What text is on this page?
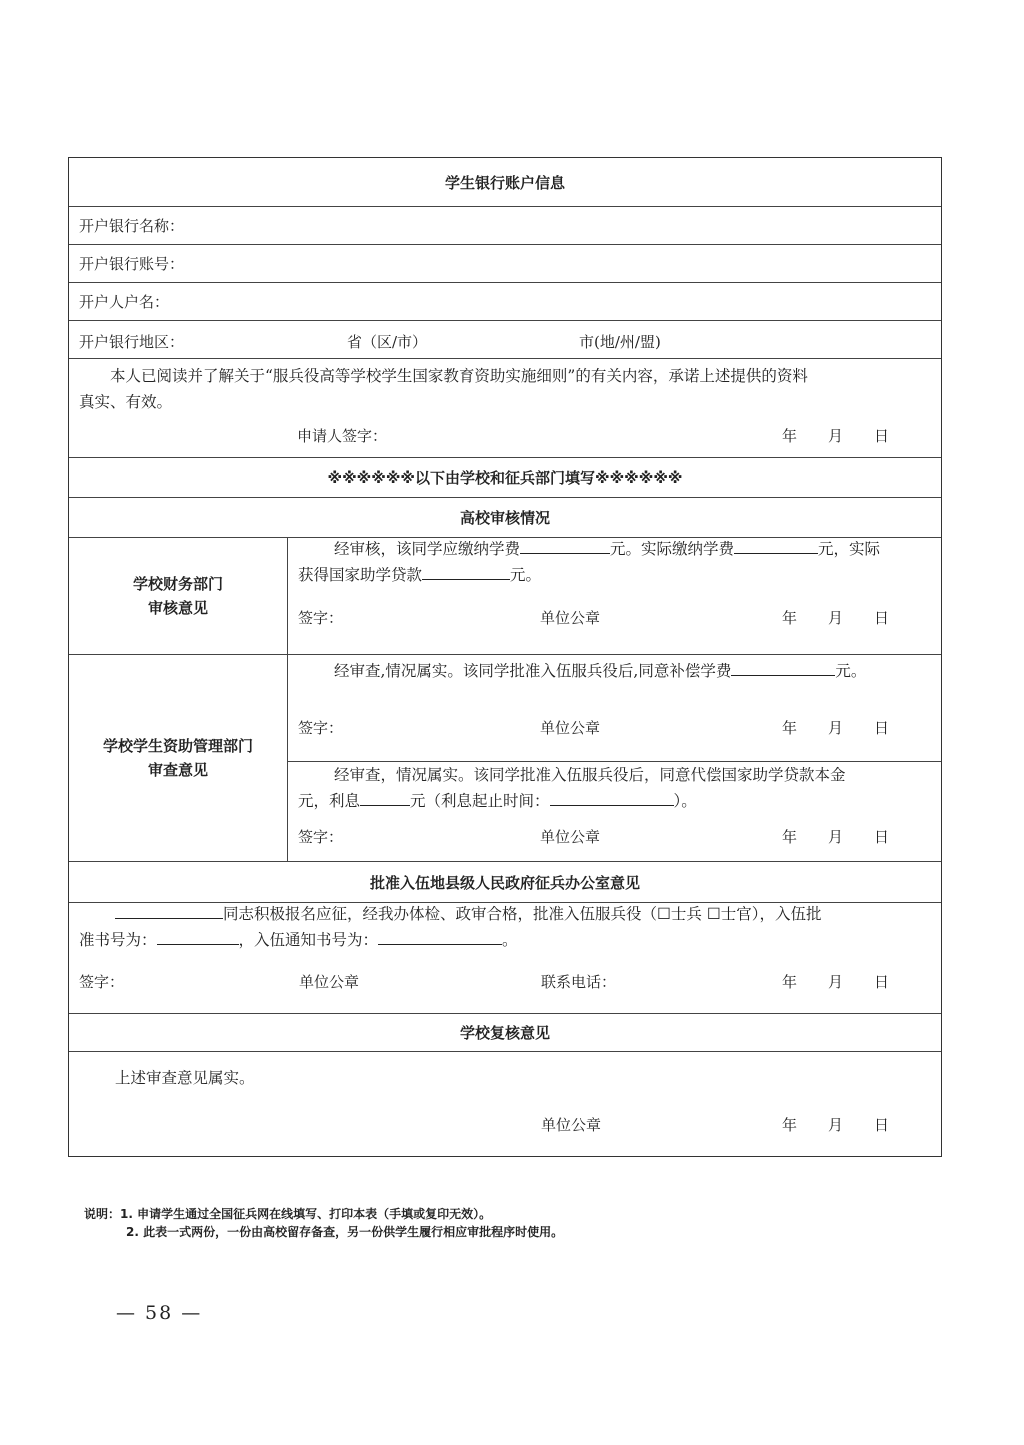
学生银行账户信息
开户银行名称：
开户银行账号：
开户人户名：
开户银行地区：	省（区/市）	市(地/州/盟)
本人已阅读并了解关于“服兵役高等学校学生国家教育资助实施细则”的有关内容，承诺上述提供的资料
真实、有效。
申请人签字：	年 月 日
※※※※※※以下由学校和征兵部门填写※※※※※※
高校审核情况
学校财务部门
审核意见
经审核，该同学应缴纳学费	元。实际缴纳学费	元，实际
获得国家助学贷款	元。
签字：	单位公章	年 月 日
学校学生资助管理部门
审查意见
经审查,情况属实。该同学批准入伍服兵役后,同意补偿学费	元。
签字：	单位公章	年 月 日
经审查，情况属实。该同学批准入伍服兵役后，同意代偿国家助学贷款本金
元，利息	元（利息起止时间：	）。
签字：	单位公章	年 月 日
批准入伍地县级人民政府征兵办公室意见
同志积极报名应征，经我办体检、政审合格，批准入伍服兵役（☐士兵 ☐士官），入伍批
准书号为：	，入伍通知书号为：	。
签字：	单位公章	联系电话：	年 月 日
学校复核意见
上述审查意见属实。
单位公章	年 月 日
说明：1. 申请学生通过全国征兵网在线填写、打印本表（手填或复印无效）。
2. 此表一式两份，一份由高校留存备查，另一份供学生履行相应审批程序时使用。
— 58 —
